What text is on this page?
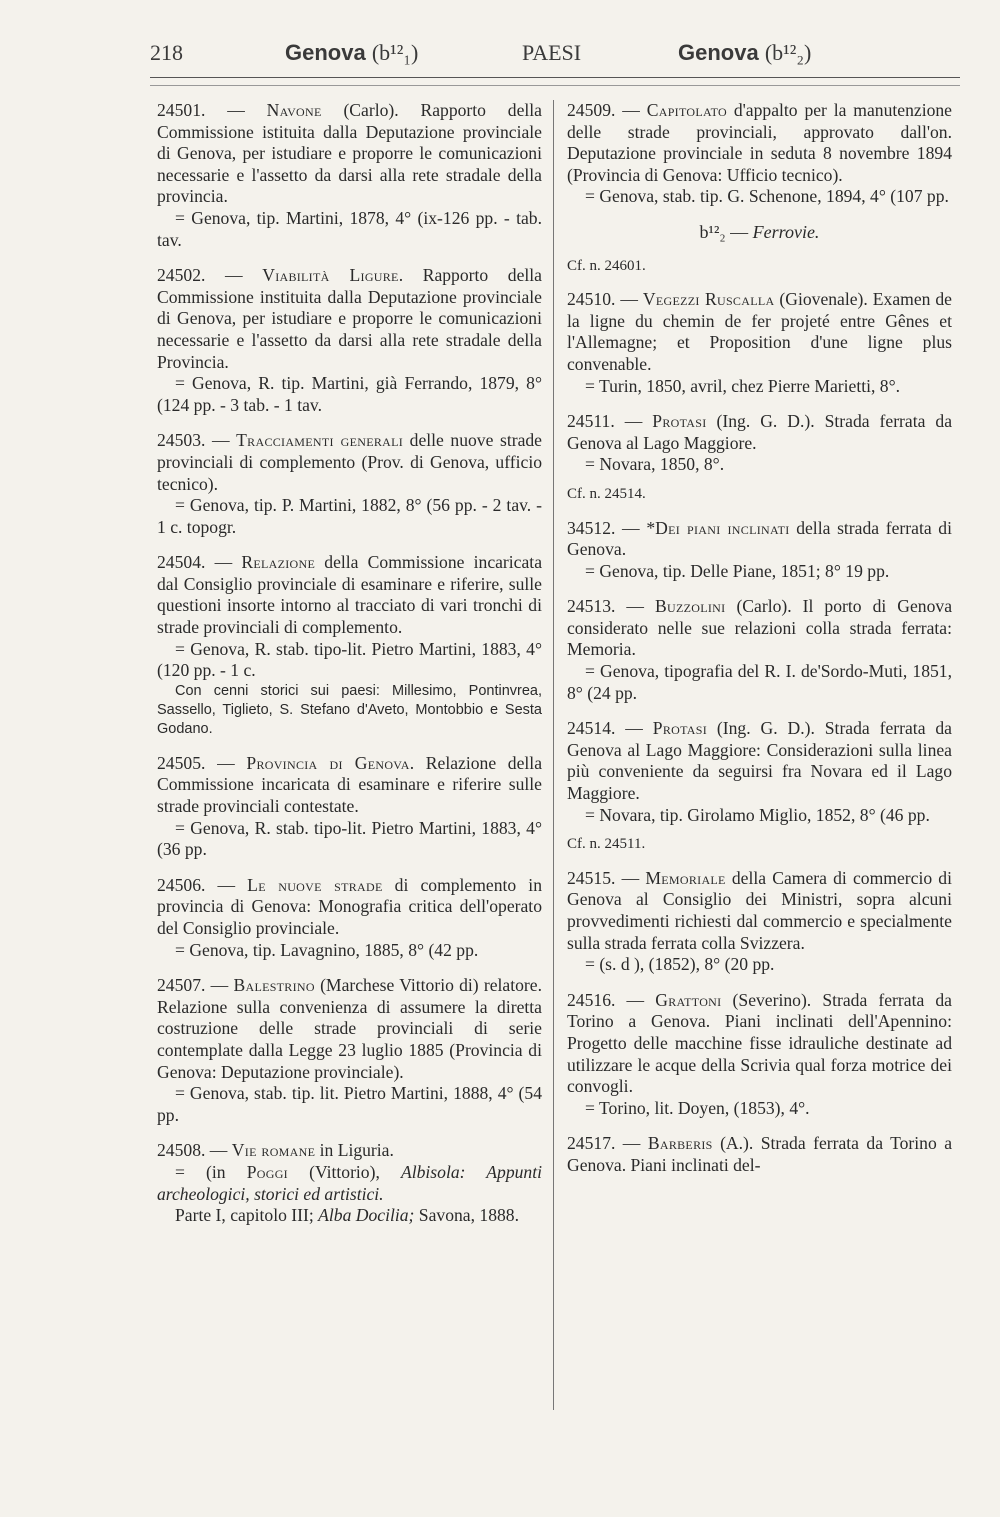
218	Genova (b¹²₁)	PAESI	Genova (b¹²₂)

24501. — Navone (Carlo). Rapporto della Commissione istituita dalla Deputazione provinciale di Genova, per istudiare e proporre le comunicazioni necessarie e l'assetto da darsi alla rete stradale della provincia.

= Genova, tip. Martini, 1878, 4° (ix-126 pp. - tab. tav.

24502. — Viabilità Ligure. Rapporto della Commissione instituita dalla Deputazione provinciale di Genova, per istudiare e proporre le comunicazioni necessarie e l'assetto da darsi alla rete stradale della Provincia.

= Genova, R. tip. Martini, già Ferrando, 1879, 8° (124 pp. - 3 tab. - 1 tav.

24503. — Tracciamenti generali delle nuove strade provinciali di complemento (Prov. di Genova, ufficio tecnico).

= Genova, tip. P. Martini, 1882, 8° (56 pp. - 2 tav. - 1 c. topogr.

24504. — Relazione della Commissione incaricata dal Consiglio provinciale di esaminare e riferire, sulle questioni insorte intorno al tracciato di vari tronchi di strade provinciali di complemento.

= Genova, R. stab. tipo-lit. Pietro Martini, 1883, 4° (120 pp. - 1 c.

Con cenni storici sui paesi: Millesimo, Pontinvrea, Sassello, Tiglieto, S. Stefano d'Aveto, Montobbio e Sesta Godano.

24505. — Provincia di Genova. Relazione della Commissione incaricata di esaminare e riferire sulle strade provinciali contestate.

= Genova, R. stab. tipo-lit. Pietro Martini, 1883, 4° (36 pp.

24506. — Le nuove strade di complemento in provincia di Genova: Monografia critica dell'operato del Consiglio provinciale.

= Genova, tip. Lavagnino, 1885, 8° (42 pp.

24507. — Balestrino (Marchese Vittorio di) relatore. Relazione sulla convenienza di assumere la diretta costruzione delle strade provinciali di serie contemplate dalla Legge 23 luglio 1885 (Provincia di Genova: Deputazione provinciale).

= Genova, stab. tip. lit. Pietro Martini, 1888, 4° (54 pp.

24508. — Vie romane in Liguria.

= (in Poggi (Vittorio), Albisola: Appunti archeologici, storici ed artistici.

Parte I, capitolo III; Alba Docilia; Savona, 1888.

24509. — Capitolato d'appalto per la manutenzione delle strade provinciali, approvato dall'on. Deputazione provinciale in seduta 8 novembre 1894 (Provincia di Genova: Ufficio tecnico).

= Genova, stab. tip. G. Schenone, 1894, 4° (107 pp.

b¹²₂ — Ferrovie.

Cf. n. 24601.

24510. — Vegezzi Ruscalla (Giovenale). Examen de la ligne du chemin de fer projeté entre Gênes et l'Allemagne; et Proposition d'une ligne plus convenable.

= Turin, 1850, avril, chez Pierre Marietti, 8°.

24511. — Protasi (Ing. G. D.). Strada ferrata da Genova al Lago Maggiore.

= Novara, 1850, 8°.

Cf. n. 24514.

34512. — *Dei piani inclinati della strada ferrata di Genova.

= Genova, tip. Delle Piane, 1851; 8° 19 pp.

24513. — Buzzolini (Carlo). Il porto di Genova considerato nelle sue relazioni colla strada ferrata: Memoria.

= Genova, tipografia del R. I. de'Sordo-Muti, 1851, 8° (24 pp.

24514. — Protasi (Ing. G. D.). Strada ferrata da Genova al Lago Maggiore: Considerazioni sulla linea più conveniente da seguirsi fra Novara ed il Lago Maggiore.

= Novara, tip. Girolamo Miglio, 1852, 8° (46 pp.

Cf. n. 24511.

24515. — Memoriale della Camera di commercio di Genova al Consiglio dei Ministri, sopra alcuni provvedimenti richiesti dal commercio e specialmente sulla strada ferrata colla Svizzera.

= (s. d ), (1852), 8° (20 pp.

24516. — Grattoni (Severino). Strada ferrata da Torino a Genova. Piani inclinati dell'Apennino: Progetto delle macchine fisse idrauliche destinate ad utilizzare le acque della Scrivia qual forza motrice dei convogli.

= Torino, lit. Doyen, (1853), 4°.

24517. — Barberis (A.). Strada ferrata da Torino a Genova. Piani inclinati del-
